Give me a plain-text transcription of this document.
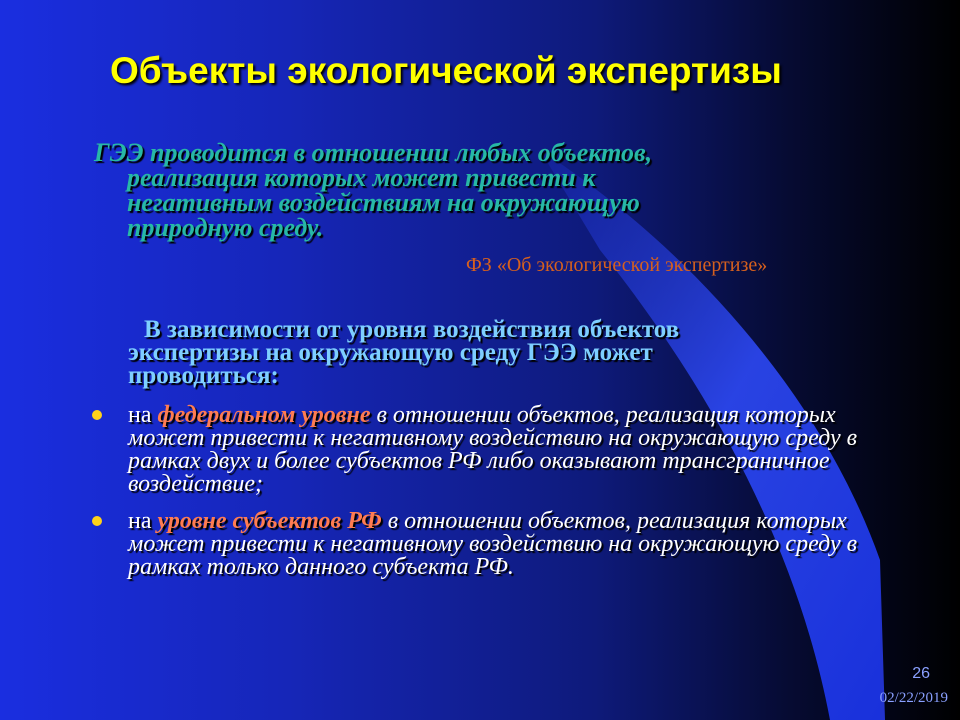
Объекты экологической экспертизы
ГЭЭ проводится в отношении любых объектов,
реализация которых может привести к
негативным воздействиям на окружающую
природную среду.
ФЗ «Об экологической экспертизе»
В зависимости от уровня воздействия объектов
экспертизы на окружающую среду ГЭЭ может
проводиться:
на федеральном уровне в отношении объектов, реализация которых может привести к негативному воздействию на окружающую среду в рамках двух и более субъектов РФ либо оказывают трансграничное воздействие;
на уровне субъектов РФ в отношении объектов, реализация которых может привести к негативному воздействию на окружающую среду в рамках только данного субъекта РФ.
26
02/22/2019
